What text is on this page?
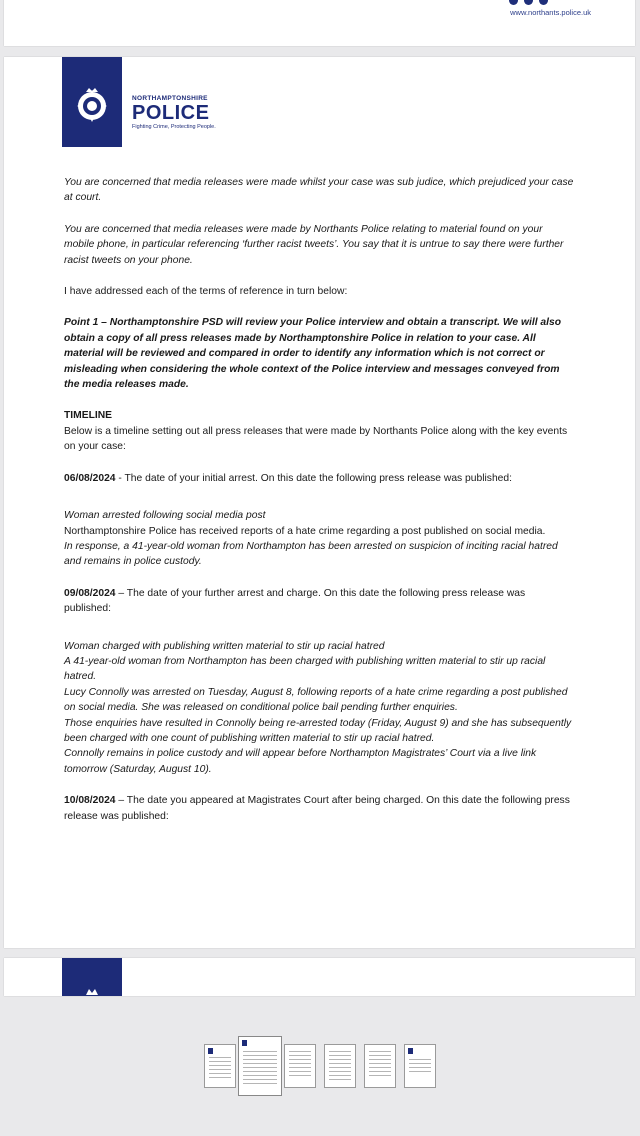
www.northants.police.uk
NORTHAMPTONSHIRE
POLICE
Fighting Crime, Protecting People.

You are concerned that media releases were made whilst your case was sub judice, which prejudiced your case at court.

You are concerned that media releases were made by Northants Police relating to material found on your mobile phone, in particular referencing ‘further racist tweets’. You say that it is untrue to say there were further racist tweets on your phone.

I have addressed each of the terms of reference in turn below:

Point 1 – Northamptonshire PSD will review your Police interview and obtain a transcript. We will also obtain a copy of all press releases made by Northamptonshire Police in relation to your case. All material will be reviewed and compared in order to identify any information which is not correct or misleading when considering the whole context of the Police interview and messages conveyed from the media releases made.

TIMELINE

Below is a timeline setting out all press releases that were made by Northants Police along with the key events on your case:

06/08/2024 - The date of your initial arrest. On this date the following press release was published:

Woman arrested following social media post
Northamptonshire Police has received reports of a hate crime regarding a post published on social media.
In response, a 41-year-old woman from Northampton has been arrested on suspicion of inciting racial hatred and remains in police custody.

09/08/2024 – The date of your further arrest and charge. On this date the following press release was published:

Woman charged with publishing written material to stir up racial hatred
A 41-year-old woman from Northampton has been charged with publishing written material to stir up racial hatred.
Lucy Connolly was arrested on Tuesday, August 8, following reports of a hate crime regarding a post published on social media. She was released on conditional police bail pending further enquiries.
Those enquiries have resulted in Connolly being re-arrested today (Friday, August 9) and she has subsequently been charged with one count of publishing written material to stir up racial hatred.
Connolly remains in police custody and will appear before Northampton Magistrates’ Court via a live link tomorrow (Saturday, August 10).

10/08/2024 – The date you appeared at Magistrates Court after being charged. On this date the following press release was published:
